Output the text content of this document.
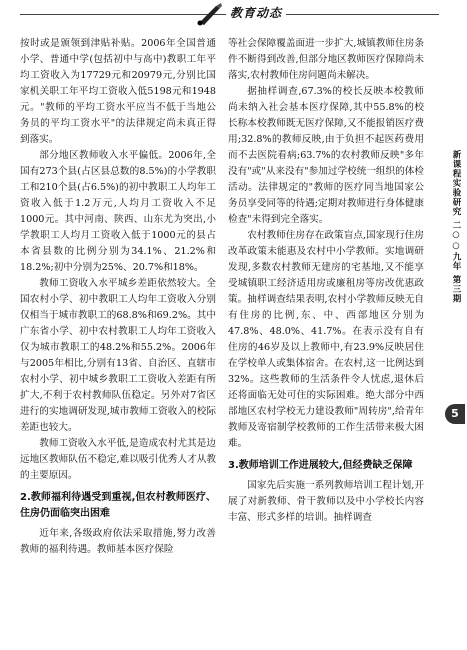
教育动态

按时或是颁领到津贴补贴。2006年全国普通小学、普通中学(包括初中与高中)教职工年平均工资收入为17729元和20979元,分别比国家机关职工年平均工资收入低5198元和1948元。"教师的平均工资水平应当不低于当地公务员的平均工资水平"的法律规定尚未真正得到落实。

部分地区教师收入水平偏低。2006年,全国有273个县(占区县总数的8.5%)的小学教职工和210个县(占6.5%)的初中教职工人均年工资收入低于1.2万元,人均月工资收入不足1000元。其中河南、陕西、山东尤为突出,小学教职工人均月工资收入低于1000元的县占本省县数的比例分别为34.1%、21.2%和18.2%;初中分别为25%、20.7%和18%。

教师工资收入水平城乡差距依然较大。全国农村小学、初中教职工人均年工资收入分别仅相当于城市教职工的68.8%和69.2%。其中广东省小学、初中农村教职工人均年工资收入仅为城市教职工的48.2%和55.2%。2006年与2005年相比,分别有13省、自治区、直辖市农村小学、初中城乡教职工工资收入差距有所扩大,不利于农村教师队伍稳定。另外对7省区进行的实地调研发现,城市教师工资收入的校际差距也较大。

教师工资收入水平低,是造成农村尤其是边远地区教师队伍不稳定,难以吸引优秀人才从教的主要原因。

2.教师福利待遇受到重视,但农村教师医疗、住房仍面临突出困难

近年来,各级政府依法采取措施,努力改善教师的福利待遇。教师基本医疗保险

等社会保障覆盖面进一步扩大,城镇教师住房条件不断得到改善,但部分地区教师医疗保障尚未落实,农村教师住房问题尚未解决。

据抽样调查,67.3%的校长反映本校教师尚未纳入社会基本医疗保障,其中55.8%的校长称本校教师既无医疗保障,又不能报销医疗费用;32.8%的教师反映,由于负担不起医药费用而不去医院看病;63.7%的农村教师反映"多年没有"或"从来没有"参加过学校统一组织的体检活动。法律规定的"教师的医疗同当地国家公务员享受同等的待遇;定期对教师进行身体健康检查"未得到完全落实。

农村教师住房存在政策盲点,国家现行住房改革政策未能惠及农村中小学教师。实地调研发现,多数农村教师无建房的宅基地,又不能享受城镇职工经济适用房或廉租房等房改优惠政策。抽样调查结果表明,农村小学教师反映无自有住房的比例,东、中、西部地区分别为47.8%、48.0%、41.7%。在表示没有自有住房的46岁及以上教师中,有23.9%反映居住在学校单人或集体宿舍。在农村,这一比例达到32%。这些教师的生活条件令人忧虑,退休后还将面临无处可住的实际困难。绝大部分中西部地区农村学校无力建设教师"周转房",给青年教师及寄宿制学校教师的工作生活带来极大困难。

3.教师培训工作进展较大,但经费缺乏保障

国家先后实施一系列教师培训工程计划,开展了对新教师、骨干教师以及中小学校长内容丰富、形式多样的培训。抽样调查

新课程实验研究 二○○九年 第三期
5
